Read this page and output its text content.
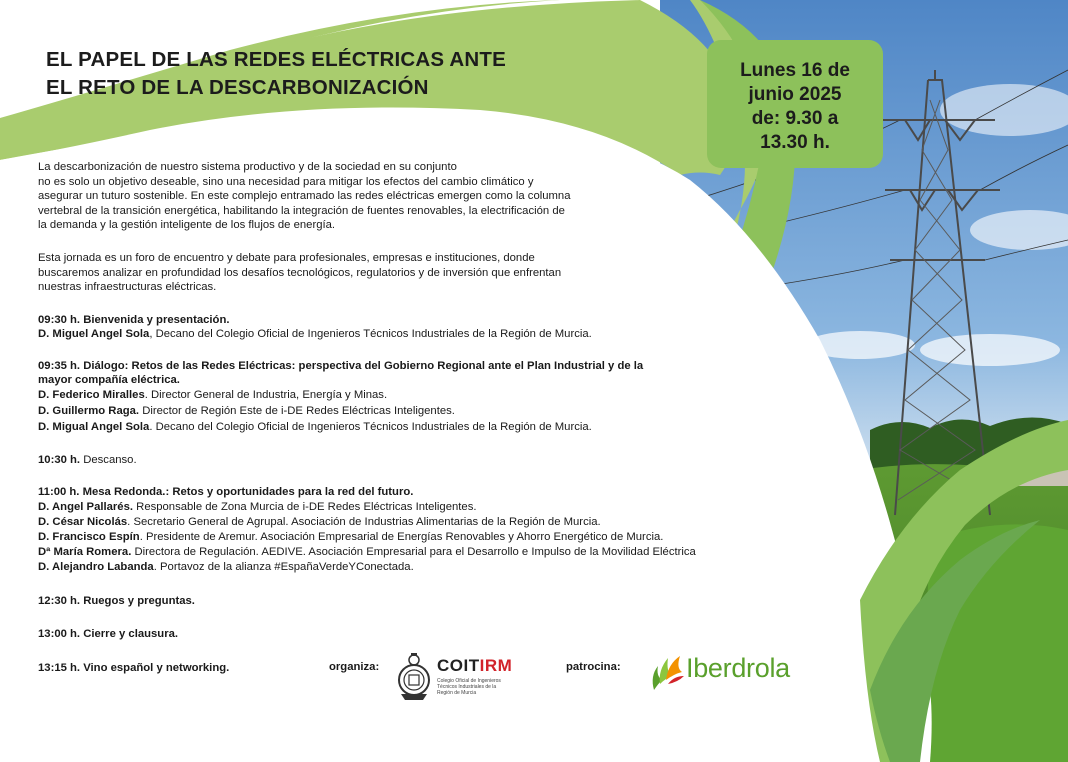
EL PAPEL DE LAS REDES ELÉCTRICAS ANTE
EL RETO DE LA DESCARBONIZACIÓN
Lunes 16 de
junio 2025
de: 9.30 a
13.30 h.
La descarbonización de nuestro sistema productivo y de la sociedad en su conjunto
no es solo un objetivo deseable, sino una necesidad para mitigar los efectos del cambio climático y
asegurar un tuturo sostenible. En este complejo entramado las redes eléctricas emergen como la columna
vertebral de la transición energética, habilitando la integración de fuentes renovables, la electrificación de
la demanda y la gestión inteligente de los flujos de energía.
Esta jornada es un foro de encuentro y debate para profesionales, empresas e instituciones, donde
buscaremos analizar en profundidad los desafíos tecnológicos, regulatorios y de inversión que enfrentan
nuestras infraestructuras eléctricas.
09:30 h. Bienvenida y presentación.
D. Miguel Angel Sola, Decano del Colegio Oficial de Ingenieros Técnicos Industriales de la Región de Murcia.
09:35 h. Diálogo: Retos de las Redes Eléctricas: perspectiva del Gobierno Regional ante el Plan Industrial y de la
mayor compañía eléctrica.
D. Federico Miralles. Director General de Industria, Energía y Minas.
D. Guillermo Raga. Director de Región Este de i-DE Redes Eléctricas Inteligentes.
D. Migual Angel Sola. Decano del Colegio Oficial de Ingenieros Técnicos Industriales de la Región de Murcia.
10:30 h. Descanso.
11:00 h. Mesa Redonda.: Retos y oportunidades para la red del futuro.
D. Angel Pallarés. Responsable de Zona Murcia de i-DE Redes Eléctricas Inteligentes.
D. César Nicolás. Secretario General de Agrupal. Asociación de Industrias Alimentarias de la Región de Murcia.
D. Francisco Espín. Presidente de Aremur. Asociación Empresarial de Energías Renovables y Ahorro Energético de Murcia.
Dª María Romera. Directora de Regulación. AEDIVE. Asociación Empresarial para el Desarrollo e Impulso de la Movilidad Eléctrica
D. Alejandro Labanda. Portavoz de la alianza #EspañaVerdeYConectada.
12:30 h. Ruegos y preguntas.
13:00 h. Cierre y clausura.
13:15 h. Vino español y networking.	organiza:	COITIRM
Colegio Oficial de Ingenieros
Técnicos Industriales de la
Región de Murcia
patrocina: Iberdrola
